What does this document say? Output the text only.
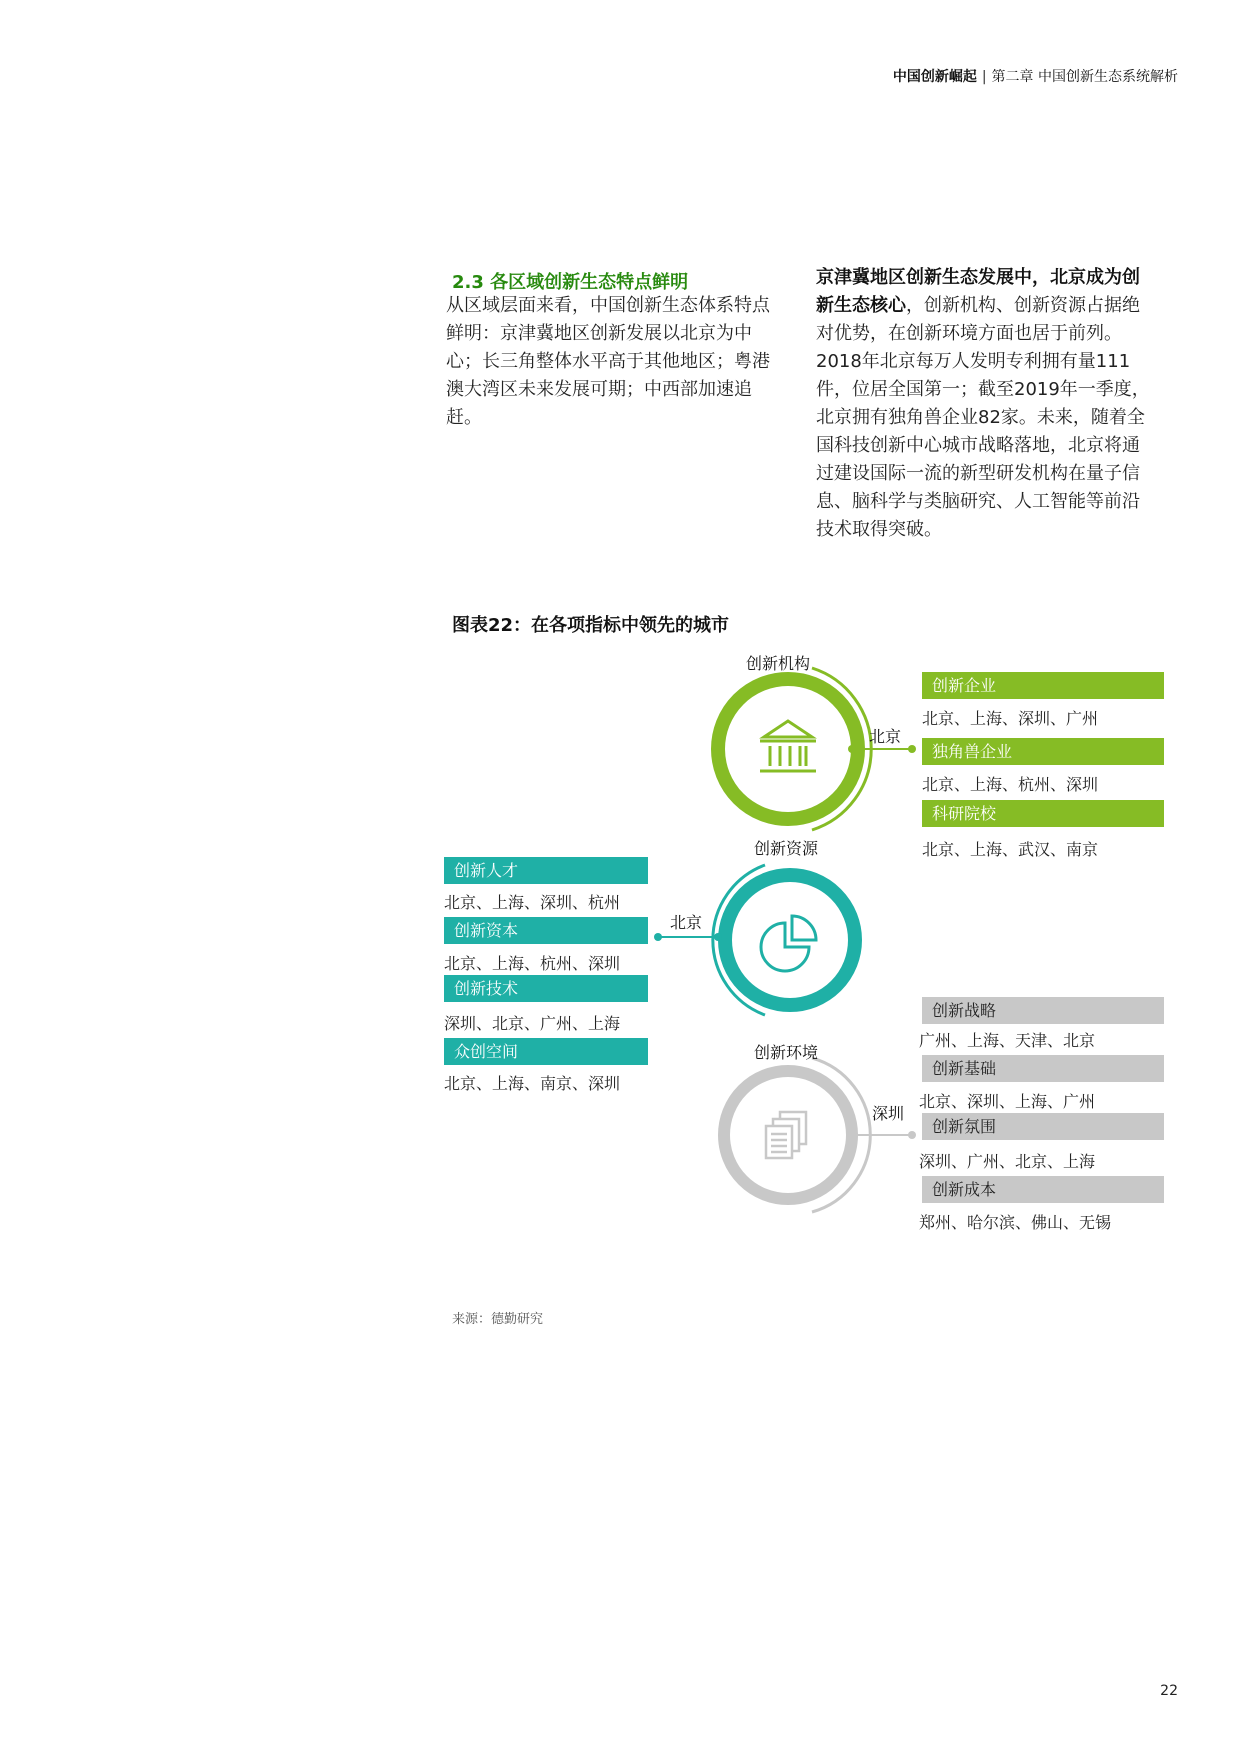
中国创新崛起 | 第二章 中国创新生态系统解析
2.3 各区域创新生态特点鲜明
从区域层面来看，中国创新生态体系特点鲜明：京津冀地区创新发展以北京为中心；长三角整体水平高于其他地区；粤港澳大湾区未来发展可期；中西部加速追赶。
京津冀地区创新生态发展中，北京成为创新生态核心，创新机构、创新资源占据绝对优势，在创新环境方面也居于前列。2018年北京每万人发明专利拥有量111件，位居全国第一；截至2019年一季度，北京拥有独角兽企业82家。未来，随着全国科技创新中心城市战略落地，北京将通过建设国际一流的新型研发机构在量子信息、脑科学与类脑研究、人工智能等前沿技术取得突破。
图表22：在各项指标中领先的城市
创新机构
北京
创新资源
北京
创新环境
深圳
创新企业
北京、上海、深圳、广州
独角兽企业
北京、上海、杭州、深圳
科研院校
北京、上海、武汉、南京
创新人才
北京、上海、深圳、杭州
创新资本
北京、上海、杭州、深圳
创新技术
深圳、北京、广州、上海
众创空间
北京、上海、南京、深圳
创新战略
广州、上海、天津、北京
创新基础
北京、深圳、上海、广州
创新氛围
深圳、广州、北京、上海
创新成本
郑州、哈尔滨、佛山、无锡
来源：德勤研究
22
